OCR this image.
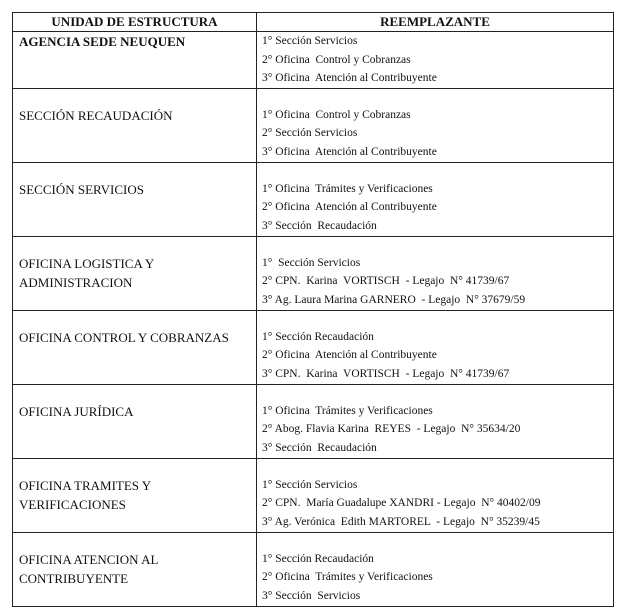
UNIDAD DE ESTRUCTURA	REEMPLAZANTE

AGENCIA SEDE NEUQUEN	1° Sección Servicios
2° Oficina  Control y Cobranzas
3° Oficina  Atención al Contribuyente

SECCIÓN RECAUDACIÓN	1° Oficina  Control y Cobranzas
2° Sección Servicios
3° Oficina  Atención al Contribuyente

SECCIÓN SERVICIOS	1° Oficina  Trámites y Verificaciones
2° Oficina  Atención al Contribuyente
3° Sección  Recaudación

OFICINA LOGISTICA Y
ADMINISTRACION	1°  Sección Servicios
2° CPN.  Karina  VORTISCH  - Legajo  N° 41739/67
3° Ag. Laura Marina GARNERO  - Legajo  N° 37679/59

OFICINA CONTROL Y COBRANZAS	1° Sección Recaudación
2° Oficina  Atención al Contribuyente
3° CPN.  Karina  VORTISCH  - Legajo  N° 41739/67

OFICINA JURÍDICA	1° Oficina  Trámites y Verificaciones
2° Abog. Flavia Karina  REYES  - Legajo  N° 35634/20
3° Sección  Recaudación

OFICINA TRAMITES Y
VERIFICACIONES	1° Sección Servicios
2° CPN.  María Guadalupe XANDRI - Legajo  N° 40402/09
3° Ag. Verónica  Edith MARTOREL  - Legajo  N° 35239/45

OFICINA ATENCION AL
CONTRIBUYENTE	1° Sección Recaudación
2° Oficina  Trámites y Verificaciones
3° Sección  Servicios
